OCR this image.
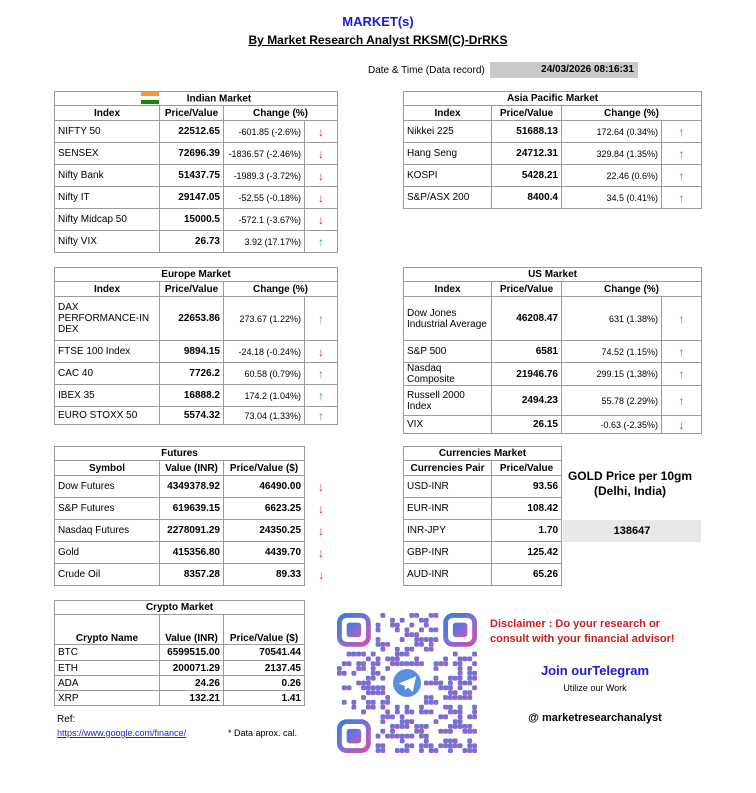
MARKET(s)
By Market Research Analyst RKSM(C)-DrRKS
Date & Time (Data record)	24/03/2026 08:16:31
Indian Market			
Index	Price/Value	Change (%)	
NIFTY 50	22512.65	-601.85 (-2.6%)	↓
SENSEX	72696.39	-1836.57 (-2.46%)	↓
Nifty Bank	51437.75	-1989.3 (-3.72%)	↓
Nifty IT	29147.05	-52.55 (-0.18%)	↓
Nifty Midcap 50	15000.5	-572.1 (-3.67%)	↓
Nifty VIX	26.73	3.92 (17.17%)	↑
Asia Pacific Market			
Index	Price/Value	Change (%)	
Nikkei 225	51688.13	172.64 (0.34%)	↑
Hang Seng	24712.31	329.84 (1.35%)	↑
KOSPI	5428.21	22.46 (0.6%)	↑
S&P/ASX 200	8400.4	34.5 (0.41%)	↑
Europe Market			
Index	Price/Value	Change (%)	
DAX PERFORMANCE-IN DEX	22653.86	273.67 (1.22%)	↑
FTSE 100 Index	9894.15	-24.18 (-0.24%)	↓
CAC 40	7726.2	60.58 (0.79%)	↑
IBEX 35	16888.2	174.2 (1.04%)	↑
EURO STOXX 50	5574.32	73.04 (1.33%)	↑
US Market			
Index	Price/Value	Change (%)	
Dow Jones Industrial Average	46208.47	631 (1.38%)	↑
S&P 500	6581	74.52 (1.15%)	↑
Nasdaq Composite	21946.76	299.15 (1.38%)	↑
Russell 2000 Index	2494.23	55.78 (2.29%)	↑
VIX	26.15	-0.63 (-2.35%)	↓
Futures			
Symbol	Value (INR)	Price/Value ($)	
Dow Futures	4349378.92	46490.00	↓
S&P Futures	619639.15	6623.25	↓
Nasdaq Futures	2278091.29	24350.25	↓
Gold	415356.80	4439.70	↓
Crude Oil	8357.28	89.33	↓
Currencies Market	
Currencies Pair	Price/Value
USD-INR	93.56
EUR-INR	108.42
INR-JPY	1.70
GBP-INR	125.42
AUD-INR	65.26
GOLD Price per 10gm
(Delhi, India)
138647
Crypto Market		
Crypto Name	Value (INR)	Price/Value ($)
BTC	6599515.00	70541.44
ETH	200071.29	2137.45
ADA	24.26	0.26
XRP	132.21	1.41
Ref:
https://www.google.com/finance/	* Data aprox. cal.
Disclaimer : Do your research or consult with your financial advisor!
Join ourTelegram
Utilize our Work
@ marketresearchanalyst
